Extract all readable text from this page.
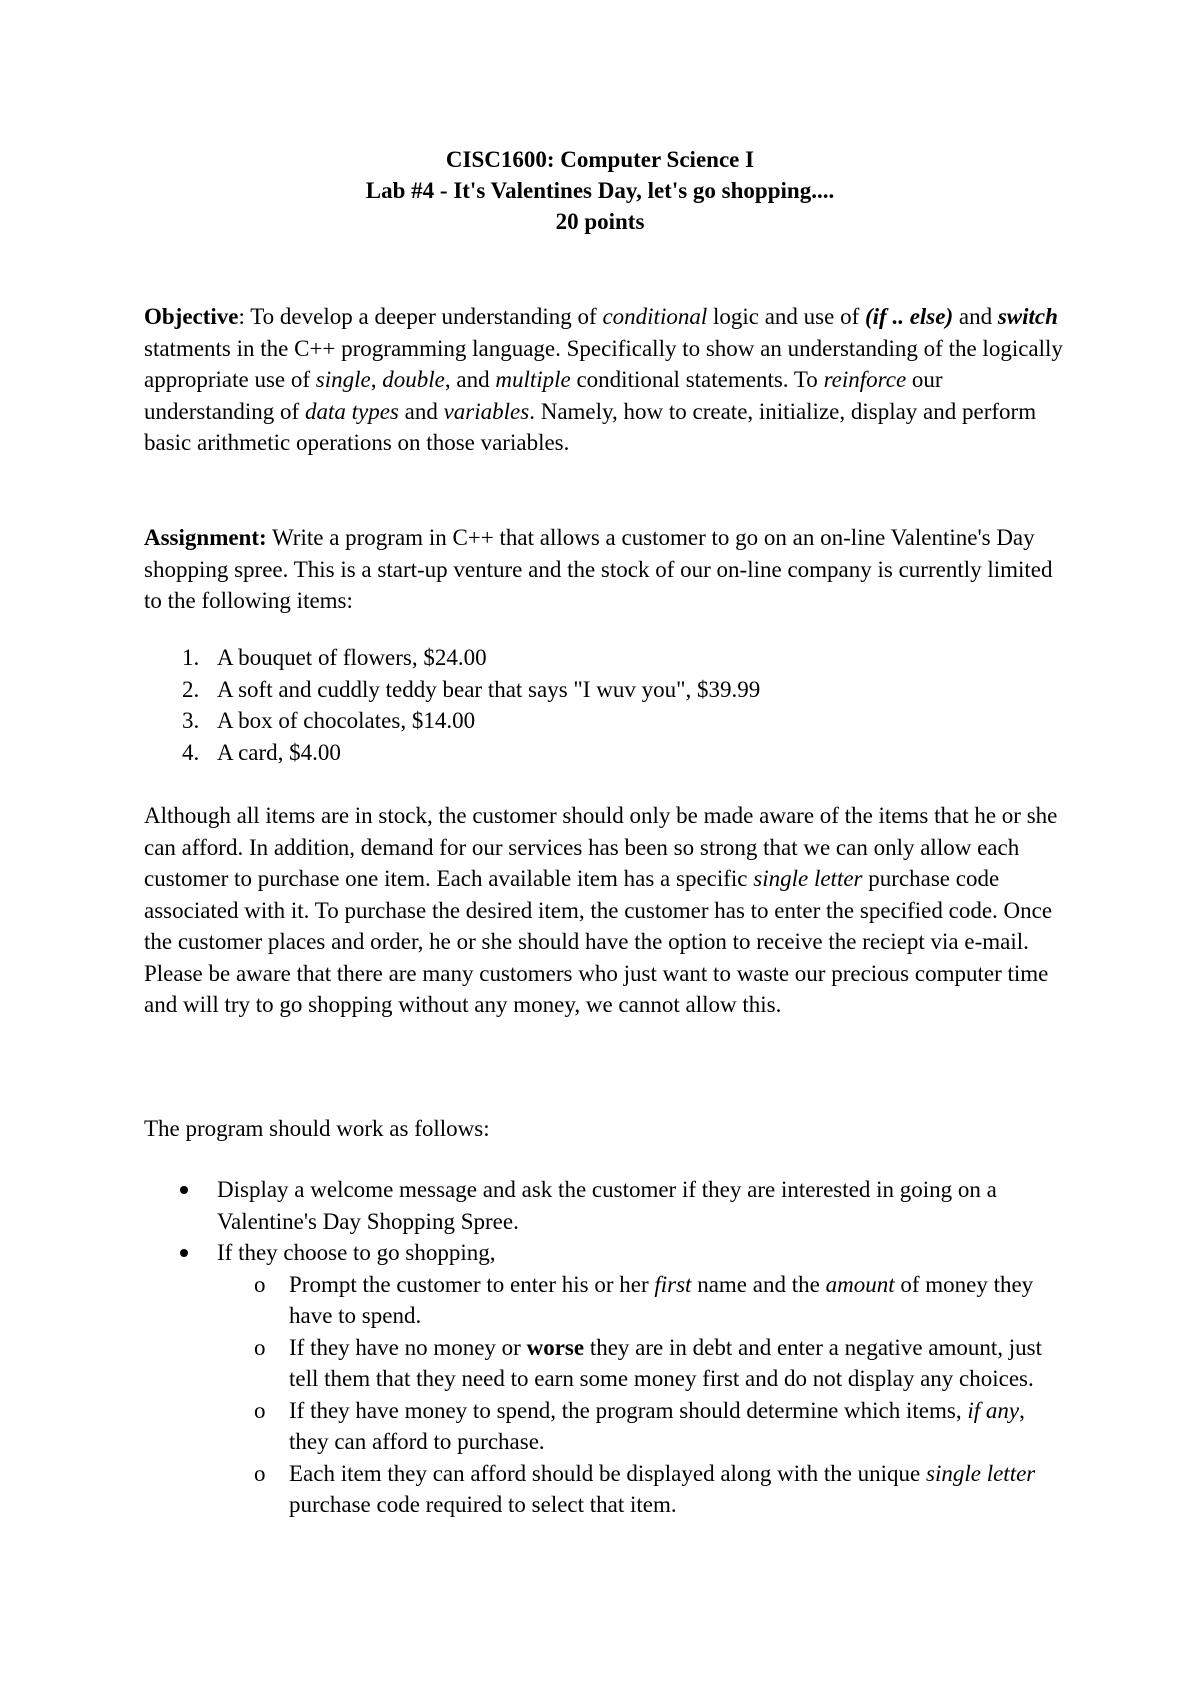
CISC1600: Computer Science I
Lab #4 - It's Valentines Day, let's go shopping....
20 points

Objective: To develop a deeper understanding of conditional logic and use of (if .. else) and switch statments in the C++ programming language. Specifically to show an understanding of the logically appropriate use of single, double, and multiple conditional statements. To reinforce our understanding of data types and variables. Namely, how to create, initialize, display and perform basic arithmetic operations on those variables.

Assignment: Write a program in C++ that allows a customer to go on an on-line Valentine's Day shopping spree. This is a start-up venture and the stock of our on-line company is currently limited to the following items:

1. A bouquet of flowers, $24.00
2. A soft and cuddly teddy bear that says "I wuv you", $39.99
3. A box of chocolates, $14.00
4. A card, $4.00

Although all items are in stock, the customer should only be made aware of the items that he or she can afford. In addition, demand for our services has been so strong that we can only allow each customer to purchase one item. Each available item has a specific single letter purchase code associated with it. To purchase the desired item, the customer has to enter the specified code. Once the customer places and order, he or she should have the option to receive the reciept via e-mail. Please be aware that there are many customers who just want to waste our precious computer time and will try to go shopping without any money, we cannot allow this.

The program should work as follows:

Display a welcome message and ask the customer if they are interested in going on a Valentine's Day Shopping Spree.
If they choose to go shopping,
o Prompt the customer to enter his or her first name and the amount of money they have to spend.
o If they have no money or worse they are in debt and enter a negative amount, just tell them that they need to earn some money first and do not display any choices.
o If they have money to spend, the program should determine which items, if any, they can afford to purchase.
o Each item they can afford should be displayed along with the unique single letter purchase code required to select that item.
